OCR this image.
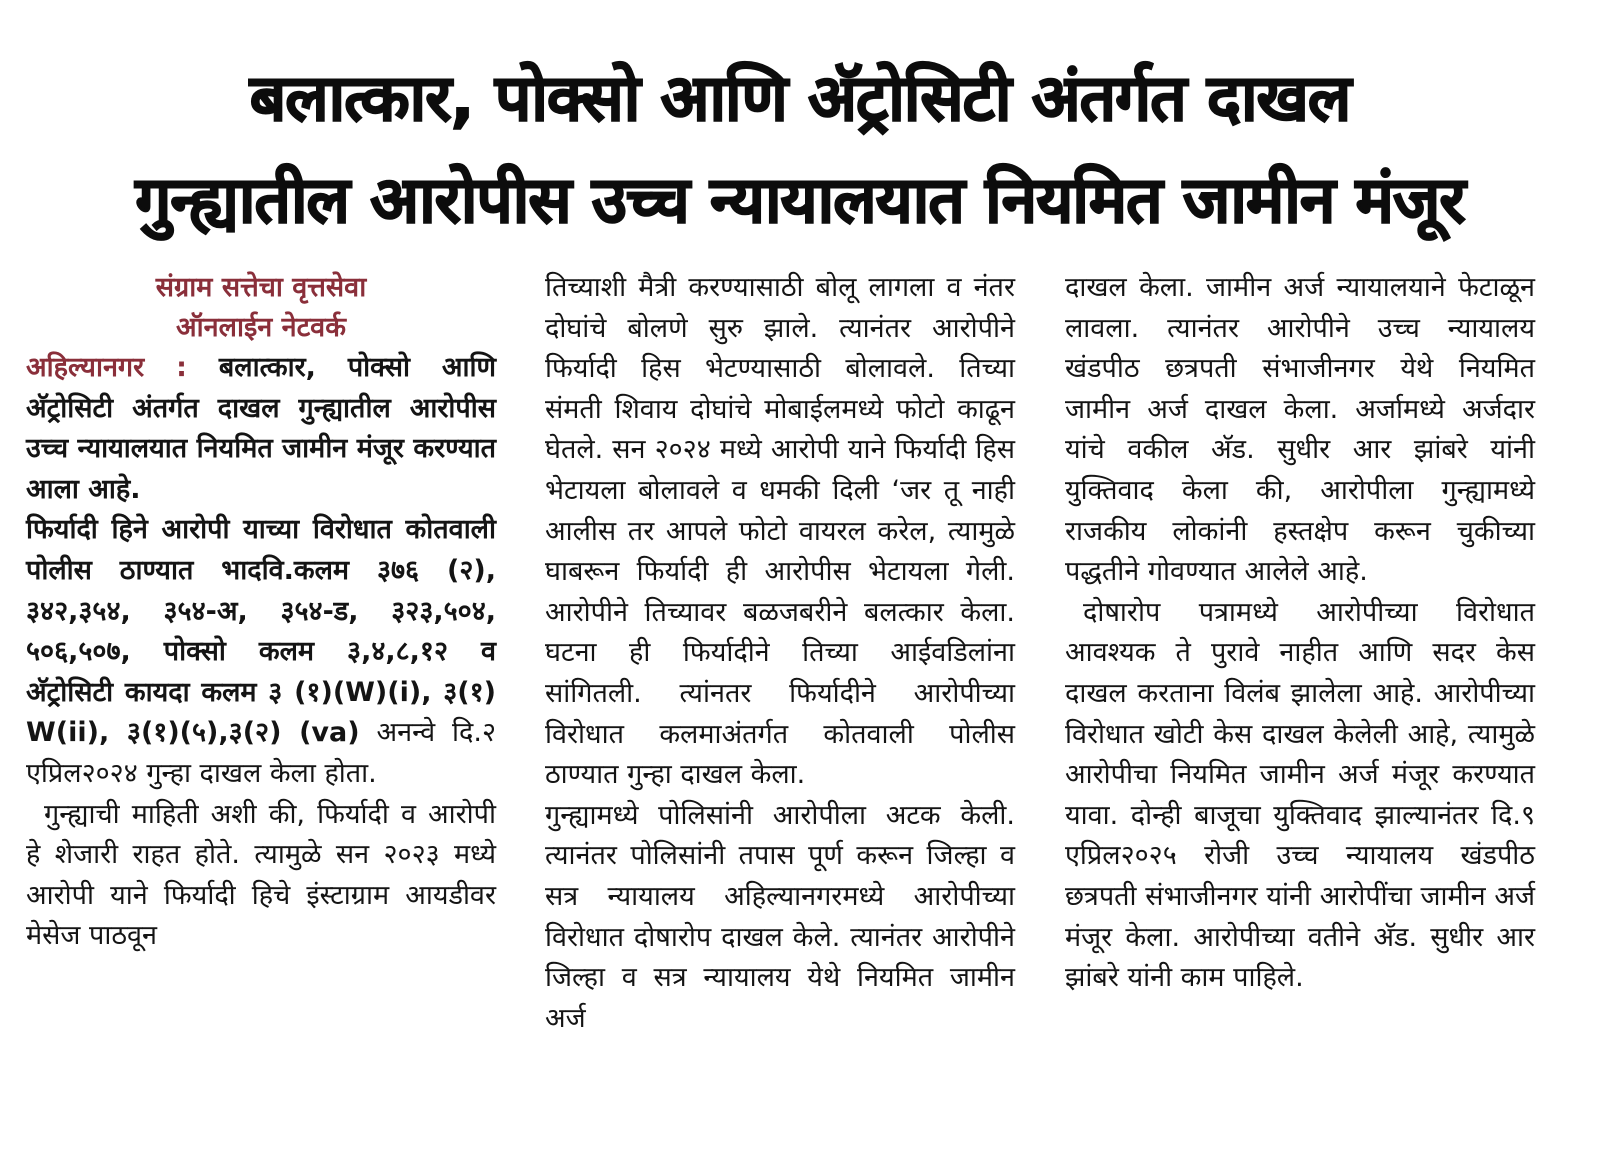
बलात्कार, पोक्सो आणि अ‍ॅट्रोसिटी अंतर्गत दाखल
गुन्ह्यातील आरोपीस उच्च न्यायालयात नियमित जामीन मंजूर

संग्राम सत्तेचा वृत्तसेवा
ऑनलाईन नेटवर्क

अहिल्यानगर : बलात्कार, पोक्सो आणि अ‍ॅट्रोसिटी अंतर्गत दाखल गुन्ह्यातील आरोपीस उच्च न्यायालयात नियमित जामीन मंजूर करण्यात आला आहे.

फिर्यादी हिने आरोपी याच्या विरोधात कोतवाली पोलीस ठाण्यात भादवि.कलम ३७६ (२), ३४२,३५४, ३५४-अ, ३५४-ड, ३२३,५०४, ५०६,५०७, पोक्सो कलम ३,४,८,१२ व अ‍ॅट्रोसिटी कायदा कलम ३ (१)(W)(i), ३(१) W(ii), ३(१)(५),३(२) (va) अनन्वे दि.२ एप्रिल२०२४ गुन्हा दाखल केला होता.

गुन्ह्याची माहिती अशी की, फिर्यादी व आरोपी हे शेजारी राहत होते. त्यामुळे सन २०२३ मध्ये आरोपी याने फिर्यादी हिचे इंस्टाग्राम आयडीवर मेसेज पाठवून

तिच्याशी मैत्री करण्यासाठी बोलू लागला व नंतर दोघांचे बोलणे सुरु झाले. त्यानंतर आरोपीने फिर्यादी हिस भेटण्यासाठी बोलावले. तिच्या संमती शिवाय दोघांचे मोबाईलमध्ये फोटो काढून घेतले. सन २०२४ मध्ये आरोपी याने फिर्यादी हिस भेटायला बोलावले व धमकी दिली ‘जर तू नाही आलीस तर आपले फोटो वायरल करेल, त्यामुळे घाबरून फिर्यादी ही आरोपीस भेटायला गेली. आरोपीने तिच्यावर बळजबरीने बलत्कार केला. घटना ही फिर्यादीने तिच्या आईवडिलांना सांगितली. त्यांनतर फिर्यादीने आरोपीच्या विरोधात कलमाअंतर्गत कोतवाली पोलीस ठाण्यात गुन्हा दाखल केला.

गुन्ह्यामध्ये पोलिसांनी आरोपीला अटक केली. त्यानंतर पोलिसांनी तपास पूर्ण करून जिल्हा व सत्र न्यायालय अहिल्यानगरमध्ये आरोपीच्या विरोधात दोषारोप दाखल केले. त्यानंतर आरोपीने जिल्हा व सत्र न्यायालय येथे नियमित जामीन अर्ज

दाखल केला. जामीन अर्ज न्यायालयाने फेटाळून लावला. त्यानंतर आरोपीने उच्च न्यायालय खंडपीठ छत्रपती संभाजीनगर येथे नियमित जामीन अर्ज दाखल केला. अर्जामध्ये अर्जदार यांचे वकील अ‍ॅड. सुधीर आर झांबरे यांनी युक्तिवाद केला की, आरोपीला गुन्ह्यामध्ये राजकीय लोकांनी हस्तक्षेप करून चुकीच्या पद्धतीने गोवण्यात आलेले आहे.

दोषारोप पत्रामध्ये आरोपीच्या विरोधात आवश्यक ते पुरावे नाहीत आणि सदर केस दाखल करताना विलंब झालेला आहे. आरोपीच्या विरोधात खोटी केस दाखल केलेली आहे, त्यामुळे आरोपीचा नियमित जामीन अर्ज मंजूर करण्यात यावा. दोन्ही बाजूचा युक्तिवाद झाल्यानंतर दि.९ एप्रिल२०२५ रोजी उच्च न्यायालय खंडपीठ छत्रपती संभाजीनगर यांनी आरोपींचा जामीन अर्ज मंजूर केला. आरोपीच्या वतीने अ‍ॅड. सुधीर आर झांबरे यांनी काम पाहिले.
